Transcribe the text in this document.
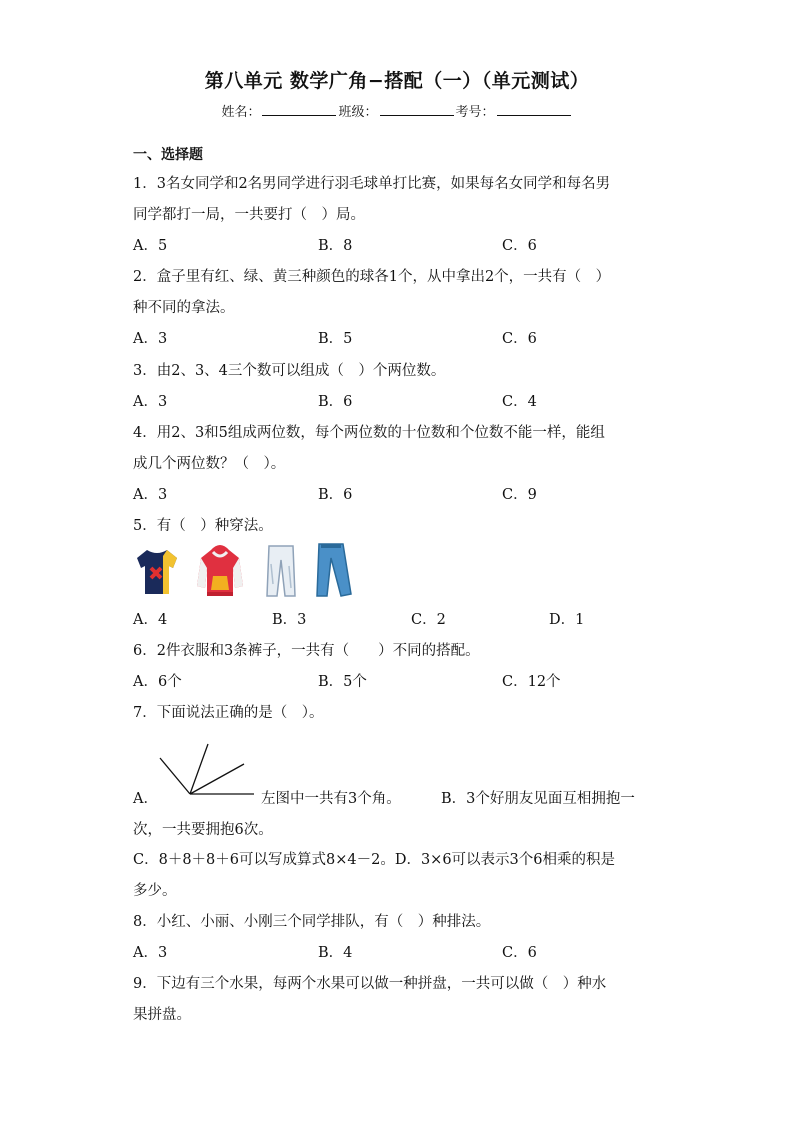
第八单元 数学广角−搭配（一）（单元测试）
姓名：	班级：	考号：
一、选择题
1．3名女同学和2名男同学进行羽毛球单打比赛，如果每名女同学和每名男
同学都打一局，一共要打（　）局。
A．5	B．8	C．6
2．盒子里有红、绿、黄三种颜色的球各1个，从中拿出2个，一共有（　）
种不同的拿法。
A．3	B．5	C．6
3．由2、3、4三个数可以组成（　）个两位数。
A．3	B．6	C．4
4．用2、3和5组成两位数，每个两位数的十位数和个位数不能一样，能组
成几个两位数？（　）。
A．3	B．6	C．9
5．有（　）种穿法。
A．4	B．3	C．2	D．1
6．2件衣服和3条裤子，一共有（　　）不同的搭配。
A．6个	B．5个	C．12个
7．下面说法正确的是（　）。
A．	左图中一共有3个角。	B．3个好朋友见面互相拥抱一
次，一共要拥抱6次。
C．8＋8＋8＋6可以写成算式8×4－2。D．3×6可以表示3个6相乘的积是
多少。
8．小红、小丽、小刚三个同学排队，有（　）种排法。
A．3	B．4	C．6
9．下边有三个水果，每两个水果可以做一种拼盘，一共可以做（　）种水
果拼盘。
